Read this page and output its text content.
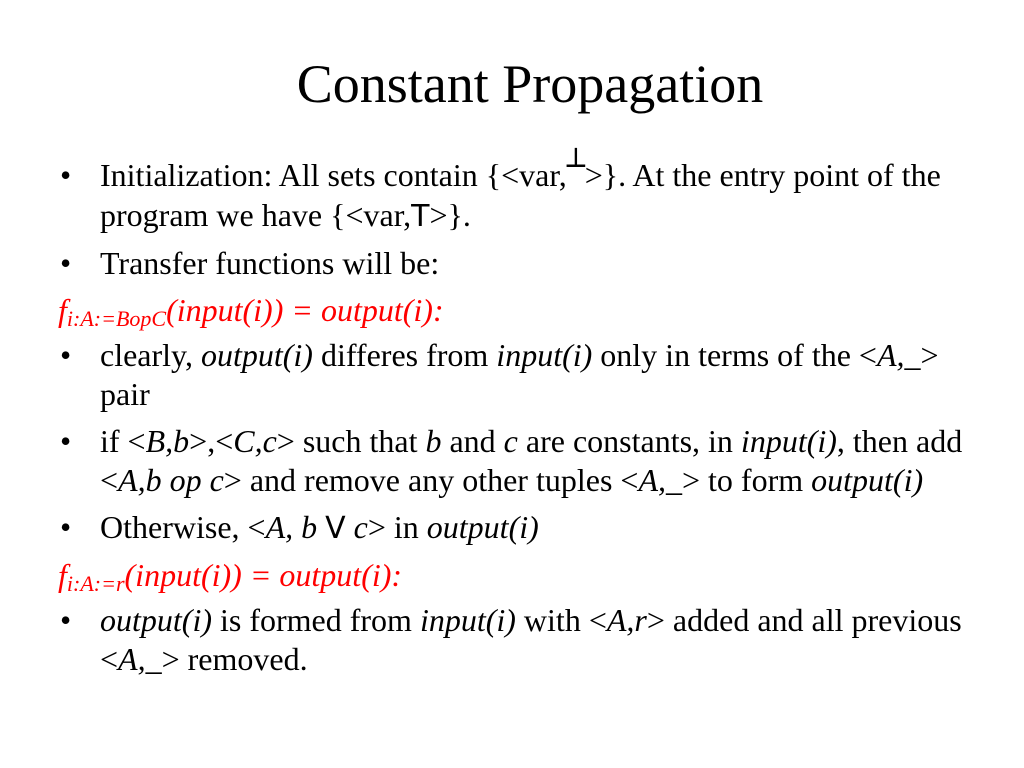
Constant Propagation
• Initialization: All sets contain {<var,┴>}. At the entry point of the program we have {<var,T>}.
• Transfer functions will be:
$f_{i:A:=BopC}(input(i))$ = output(i):
• clearly, output(i) differes from input(i) only in terms of the <A,_> pair
• if <B,b>,<C,c> such that b and c are constants, in input(i), then add <A,b op c> and remove any other tuples <A,_> to form output(i)
• Otherwise, <A, b V c> in output(i)
$f_{i:A:=r}(input(i))$ = output(i):
• output(i) is formed from input(i) with <A,r> added and all previous <A,_> removed.
